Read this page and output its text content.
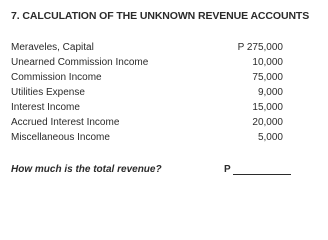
7. CALCULATION OF THE UNKNOWN REVENUE ACCOUNTS
Meraveles, Capital	P 275,000
Unearned Commission Income	10,000
Commission Income	75,000
Utilities Expense	9,000
Interest Income	15,000
Accrued Interest Income	20,000
Miscellaneous Income	5,000
How much is the total revenue?	P
